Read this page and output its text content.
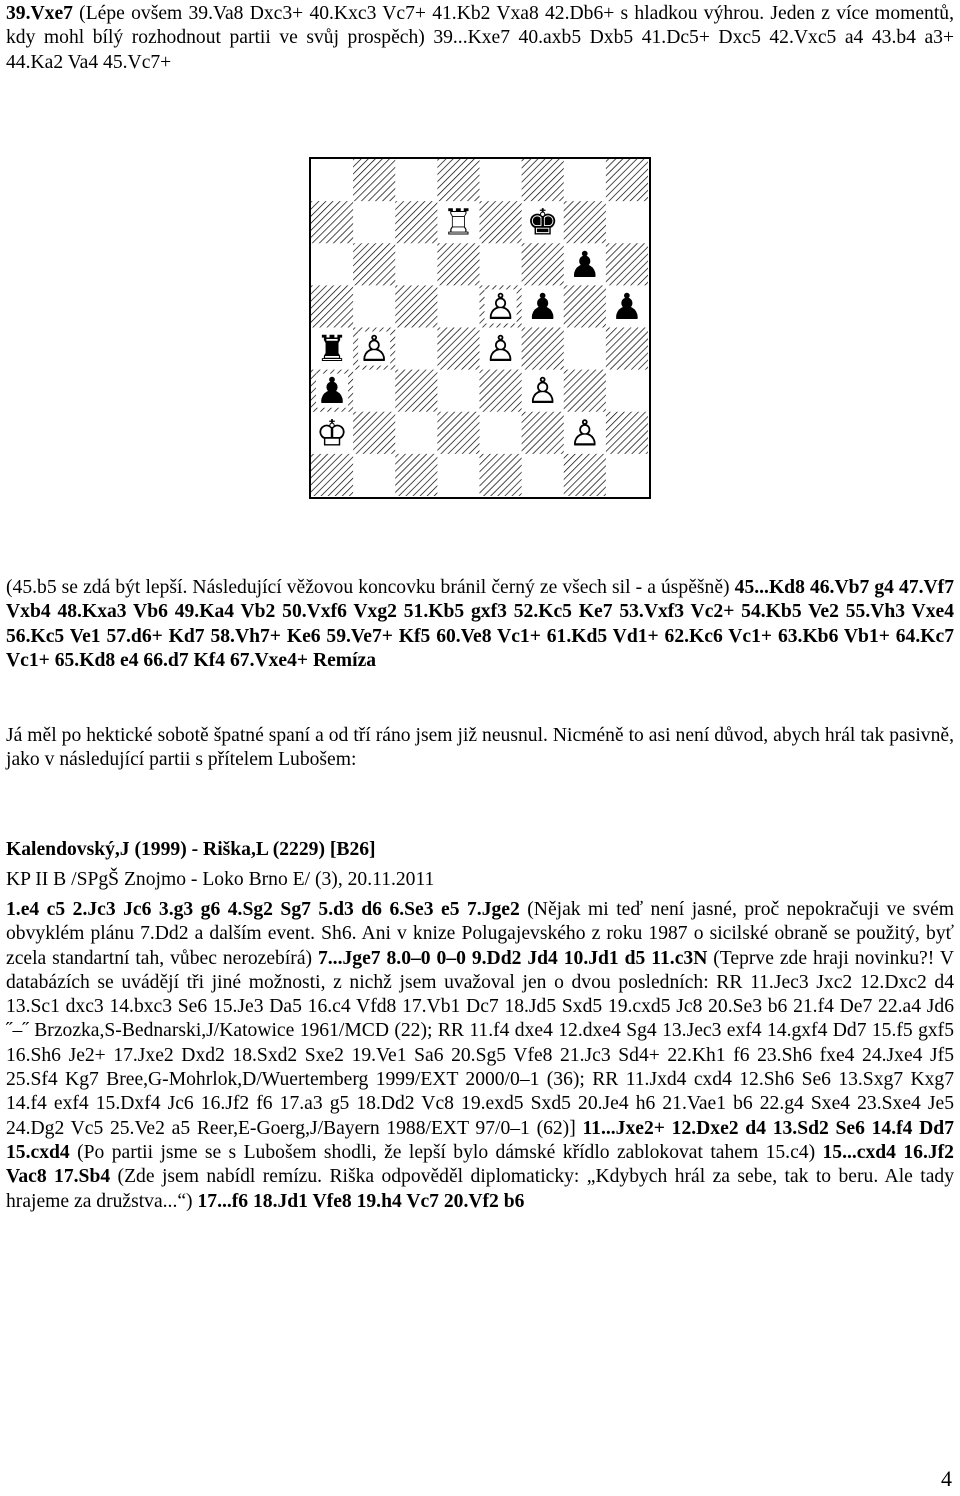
39.Vxe7 (Lépe ovšem 39.Va8 Dxc3+ 40.Kxc3 Vc7+ 41.Kb2 Vxa8 42.Db6+ s hladkou výhrou. Jeden z více momentů, kdy mohl bílý rozhodnout partii ve svůj prospěch) 39...Kxe7 40.axb5 Dxb5 41.Dc5+ Dxc5 42.Vxc5 a4 43.b4 a3+ 44.Ka2 Va4 45.Vc7+
♖ ♚
♟
♙ ♟ ♟
♜ ♙	♙
♟	♙
♔	♙
(45.b5 se zdá být lepší. Následující věžovou koncovku bránil černý ze všech sil - a úspěšně) 45...Kd8 46.Vb7 g4 47.Vf7 Vxb4 48.Kxa3 Vb6 49.Ka4 Vb2 50.Vxf6 Vxg2 51.Kb5 gxf3 52.Kc5 Ke7 53.Vxf3 Vc2+ 54.Kb5 Ve2 55.Vh3 Vxe4 56.Kc5 Ve1 57.d6+ Kd7 58.Vh7+ Ke6 59.Ve7+ Kf5 60.Ve8 Vc1+ 61.Kd5 Vd1+ 62.Kc6 Vc1+ 63.Kb6 Vb1+ 64.Kc7 Vc1+ 65.Kd8 e4 66.d7 Kf4 67.Vxe4+ Remíza
Já měl po hektické sobotě špatné spaní a od tří ráno jsem již neusnul. Nicméně to asi není důvod, abych hrál tak pasivně, jako v následující partii s přítelem Lubošem:
Kalendovský,J (1999) - Riška,L (2229) [B26]
KP II B /SPgŠ Znojmo - Loko Brno E/ (3), 20.11.2011
1.e4 c5 2.Jc3 Jc6 3.g3 g6 4.Sg2 Sg7 5.d3 d6 6.Se3 e5 7.Jge2 (Nějak mi teď není jasné, proč nepokračuji ve svém obvyklém plánu 7.Dd2 a dalším event. Sh6. Ani v knize Polugajevského z roku 1987 o sicilské obraně se použitý, byť zcela standartní tah, vůbec nerozebírá) 7...Jge7 8.0–0 0–0 9.Dd2 Jd4 10.Jd1 d5 11.c3N (Teprve zde hraji novinku?! V databázích se uvádějí tři jiné možnosti, z nichž jsem uvažoval jen o dvou posledních: RR 11.Jec3 Jxc2 12.Dxc2 d4 13.Sc1 dxc3 14.bxc3 Se6 15.Je3 Da5 16.c4 Vfd8 17.Vb1 Dc7 18.Jd5 Sxd5 19.cxd5 Jc8 20.Se3 b6 21.f4 De7 22.a4 Jd6 ˝–˝ Brzozka,S-Bednarski,J/Katowice 1961/MCD (22); RR 11.f4 dxe4 12.dxe4 Sg4 13.Jec3 exf4 14.gxf4 Dd7 15.f5 gxf5 16.Sh6 Je2+ 17.Jxe2 Dxd2 18.Sxd2 Sxe2 19.Ve1 Sa6 20.Sg5 Vfe8 21.Jc3 Sd4+ 22.Kh1 f6 23.Sh6 fxe4 24.Jxe4 Jf5 25.Sf4 Kg7 Bree,G-Mohrlok,D/Wuertemberg 1999/EXT 2000/0–1 (36); RR 11.Jxd4 cxd4 12.Sh6 Se6 13.Sxg7 Kxg7 14.f4 exf4 15.Dxf4 Jc6 16.Jf2 f6 17.a3 g5 18.Dd2 Vc8 19.exd5 Sxd5 20.Je4 h6 21.Vae1 b6 22.g4 Sxe4 23.Sxe4 Je5 24.Dg2 Vc5 25.Ve2 a5 Reer,E-Goerg,J/Bayern 1988/EXT 97/0–1 (62)] 11...Jxe2+ 12.Dxe2 d4 13.Sd2 Se6 14.f4 Dd7 15.cxd4 (Po partii jsme se s Lubošem shodli, že lepší bylo dámské křídlo zablokovat tahem 15.c4) 15...cxd4 16.Jf2 Vac8 17.Sb4 (Zde jsem nabídl remízu. Riška odpověděl diplomaticky: „Kdybych hrál za sebe, tak to beru. Ale tady hrajeme za družstva...“) 17...f6 18.Jd1 Vfe8 19.h4 Vc7 20.Vf2 b6
4
